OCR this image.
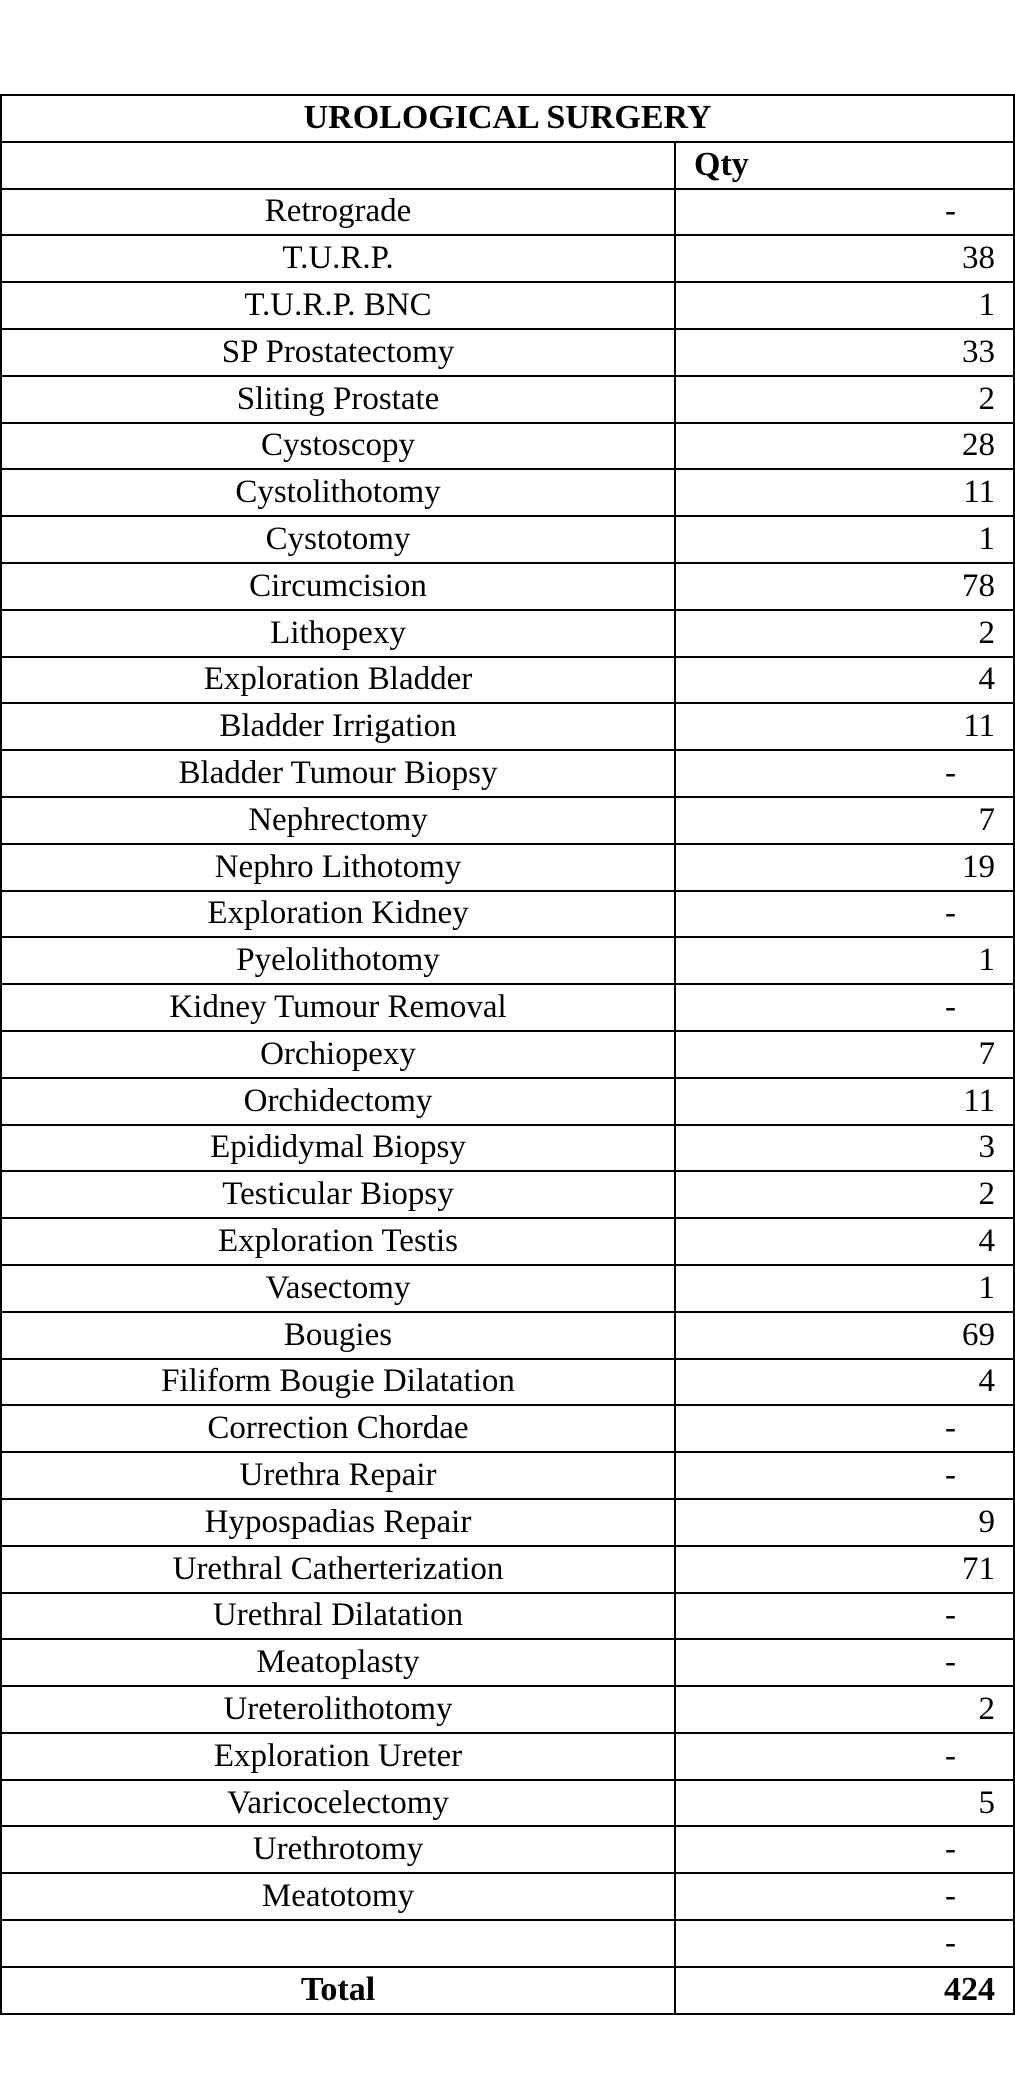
UROLOGICAL SURGERY	
	Qty
Retrograde	-
T.U.R.P.	38
T.U.R.P. BNC	1
SP Prostatectomy	33
Sliting Prostate	2
Cystoscopy	28
Cystolithotomy	11
Cystotomy	1
Circumcision	78
Lithopexy	2
Exploration Bladder	4
Bladder Irrigation	11
Bladder Tumour Biopsy	-
Nephrectomy	7
Nephro Lithotomy	19
Exploration Kidney	-
Pyelolithotomy	1
Kidney Tumour Removal	-
Orchiopexy	7
Orchidectomy	11
Epididymal Biopsy	3
Testicular Biopsy	2
Exploration Testis	4
Vasectomy	1
Bougies	69
Filiform Bougie Dilatation	4
Correction Chordae	-
Urethra Repair	-
Hypospadias Repair	9
Urethral Catherterization	71
Urethral Dilatation	-
Meatoplasty	-
Ureterolithotomy	2
Exploration Ureter	-
Varicocelectomy	5
Urethrotomy	-
Meatotomy	-
	-
Total	424
